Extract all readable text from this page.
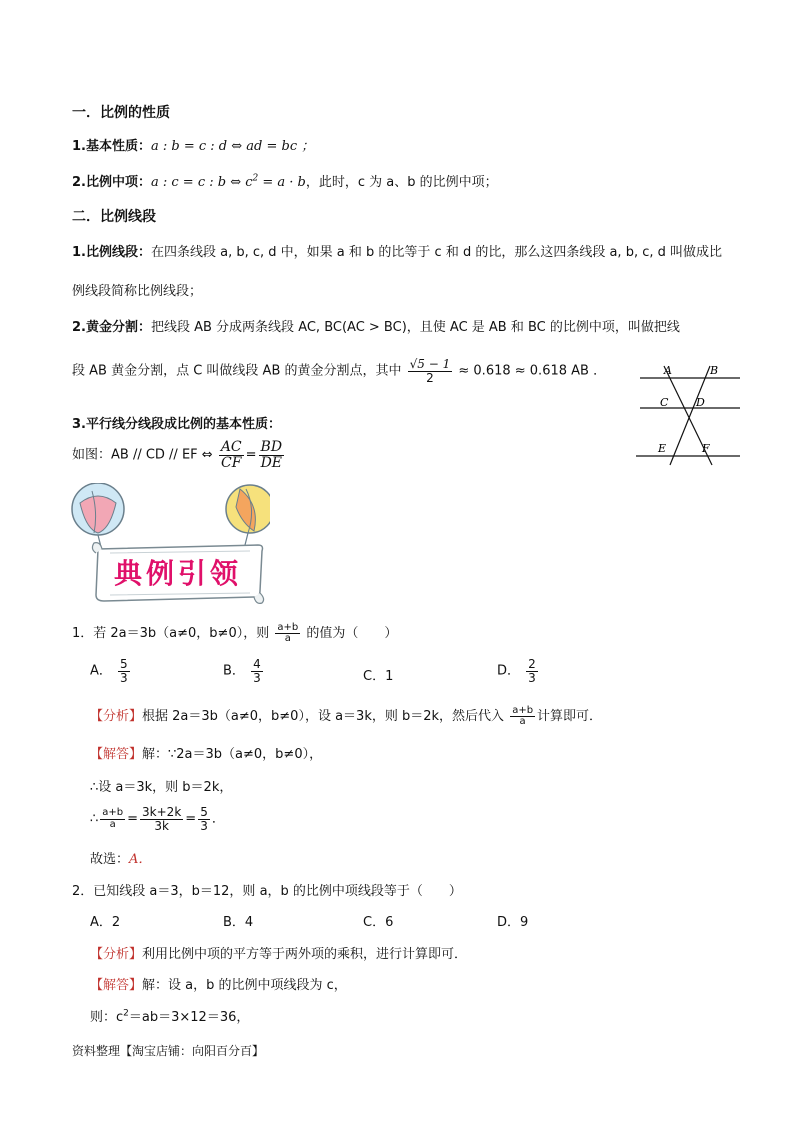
一．比例的性质
1.基本性质：a : b = c : d ⇔ ad = bc ；
2.比例中项：a : c = c : b ⇔ $c^2 = a \cdot b$，此时，c 为 a、b 的比例中项；
二．比例线段
1.比例线段：在四条线段 a, b, c, d 中，如果 a 和 b 的比等于 c 和 d 的比，那么这四条线段 a, b, c, d 叫做成比
例线段简称比例线段；
2.黄金分割：把线段 AB 分成两条线段 AC, BC(AC > BC)，且使 AC 是 AB 和 BC 的比例中项，叫做把线
段 AB 黄金分割，点 C 叫做线段 AB 的黄金分割点，其中 $\frac{√5 - 1}{2} \approx 0.618 \approx 0.618$ AB ．
3.平行线分线段成比例的基本性质：
如图：AB // CD // EF ⇔ $\frac{AC}{CF} = \frac{BD}{DE}$
A	B
C	D
E	F
典例引领
1．若 2a＝3b（a≠0，b≠0），则 $\frac{a+b}{a}$ 的值为（　　）
A． $\frac{5}{3}$	B． $\frac{4}{3}$	C．1	D． $\frac{2}{3}$
【分析】根据 2a＝3b（a≠0，b≠0），设 a＝3k，则 b＝2k，然后代入 $\frac{a+b}{a}$ 计算即可．
【解答】解：∵2a＝3b（a≠0，b≠0），
∴设 a＝3k，则 b＝2k，
∴ $\frac{a+b}{a} = \frac{3k+2k}{3k} = \frac{5}{3}$ ．
故选：A．
2．已知线段 a＝3，b＝12，则 a，b 的比例中项线段等于（　　）
A．2	B．4	C．6	D．9
【分析】利用比例中项的平方等于两外项的乘积，进行计算即可．
【解答】解：设 a，b 的比例中项线段为 c，
则：$c^2=ab=3\times 12=36$，
资料整理【淘宝店铺：向阳百分百】
